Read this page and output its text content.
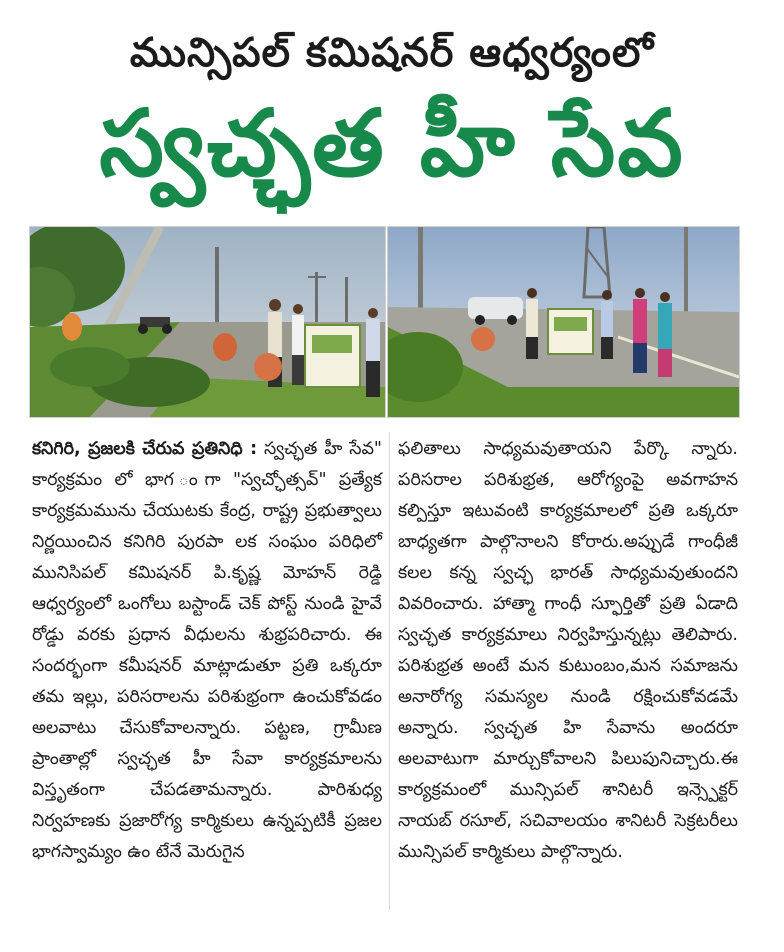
మున్సిపల్ కమిషనర్ ఆధ్వర్యంలో
స్వచ్ఛత హీ సేవ

కనిగిరి, ప్రజలకి చేరువ ప్రతినిధి : స్వచ్ఛత హీ సేవ" కార్యక్రమం లో భాగ ంగా "స్వచ్ఛోత్సవ్" ప్రత్యేక కార్యక్రమమును చేయుటకు కేంద్ర, రాష్ట్ర ప్రభుత్వాలు నిర్ణయించిన కనిగిరి పురపా లక సంఘం పరిధిలో మునిసిపల్ కమిషనర్ పి.కృష్ణ మోహన్ రెడ్డి ఆధ్వర్యంలో ఒంగోలు బస్టాండ్ చెక్ పోస్ట్ నుండి హైవే రోడ్డు వరకు ప్రధాన వీధులను శుభ్రపరిచారు. ఈ సందర్భంగా కమీషనర్ మాట్లాడుతూ ప్రతి ఒక్కరూ తమ ఇల్లు, పరిసరాలను పరిశుభ్రంగా ఉంచుకోవడం అలవాటు చేసుకోవాలన్నారు. పట్టణ, గ్రామీణ ప్రాంతాల్లో స్వచ్ఛత హీ సేవా కార్యక్రమాలను విస్తృతంగా చేపడతామన్నారు. పారిశుధ్య నిర్వహణకు ప్రజారోగ్య కార్మికులు ఉన్నప్పటికీ ప్రజల భాగస్వామ్యం ఉం టేనే మెరుగైన

ఫలితాలు సాధ్యమవుతాయని పేర్కొ న్నారు. పరిసరాల పరిశుభ్రత, ఆరోగ్యంపై అవగాహన కల్పిస్తూ ఇటువంటి కార్యక్రమాలలో ప్రతి ఒక్కరూ బాధ్యతగా పాల్గొనాలని కోరారు.అప్పుడే గాంధీజీ కలల కన్న స్వచ్ఛ భారత్ సాధ్యమవుతుందని వివరించారు. హాత్మా గాంధీ స్ఫూర్తితో ప్రతి ఏడాది స్వచ్ఛత కార్యక్రమాలు నిర్వహిస్తున్నట్లు తెలిపారు. పరిశుభ్రత అంటే మన కుటుంబం,మన సమాజను అనారోగ్య సమస్యల నుండి రక్షించుకోవడమే అన్నారు. స్వచ్ఛత హి సేవాను అందరూ అలవాటుగా మార్చుకోవాలని పిలుపునిచ్చారు.ఈ కార్యక్రమంలో మున్సిపల్ శానిటరీ ఇన్స్పెక్టర్ నాయబ్ రసూల్, సచివాలయం శానిటరీ సెక్రటరీలు మున్సిపల్ కార్మికులు పాల్గొన్నారు.
